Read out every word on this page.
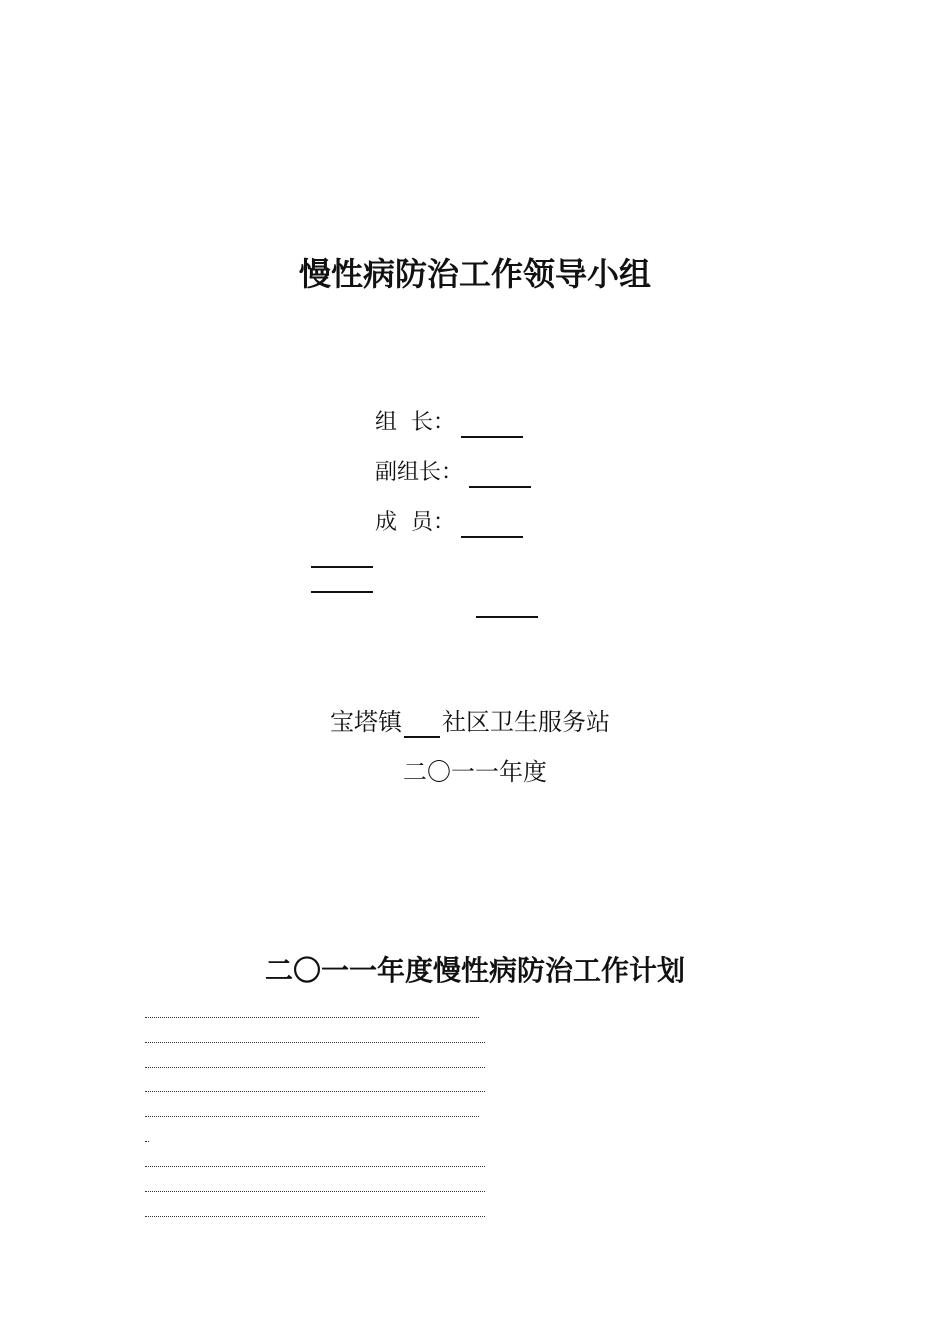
慢性病防治工作领导小组
组  长：
副组长：
成  员：
宝塔镇 社区卫生服务站
二〇一一年度
二〇一一年度慢性病防治工作计划
